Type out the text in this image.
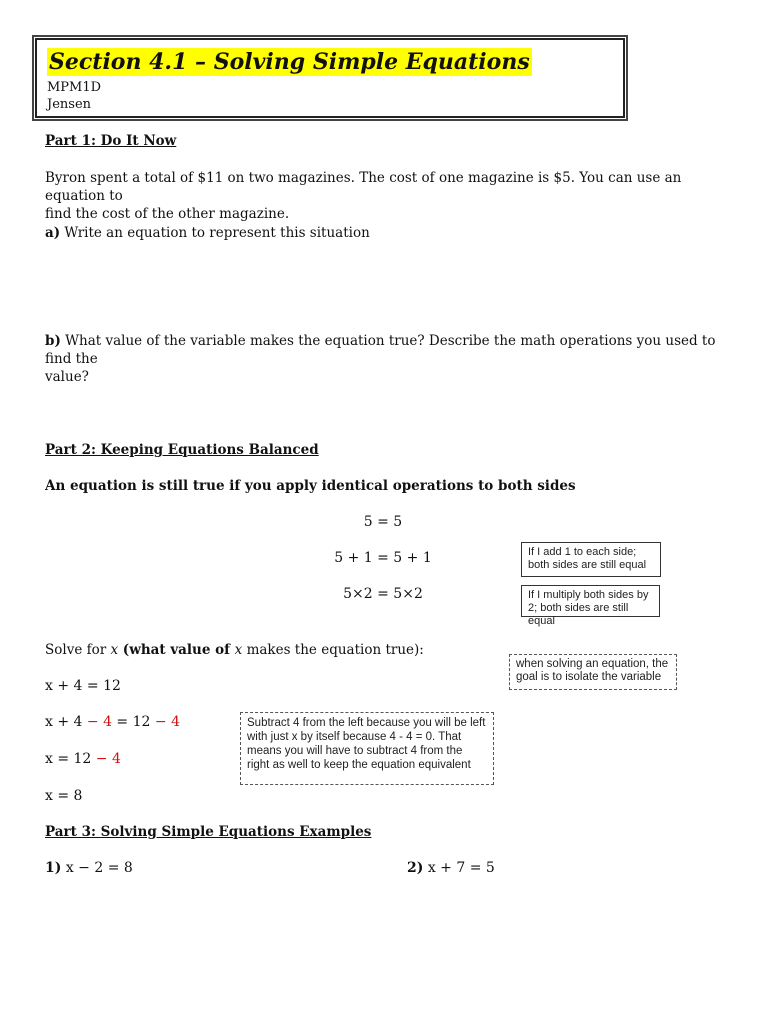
Section 4.1 – Solving Simple Equations
MPM1D
Jensen
Part 1: Do It Now
Byron spent a total of $11 on two magazines. The cost of one magazine is $5. You can use an equation to
find the cost of the other magazine.
a) Write an equation to represent this situation
b) What value of the variable makes the equation true? Describe the math operations you used to find the
value?
Part 2: Keeping Equations Balanced
An equation is still true if you apply identical operations to both sides
5 = 5
5 + 1 = 5 + 1
5×2 = 5×2
If I add 1 to each side; both sides are still equal
If I multiply both sides by 2; both sides are still equal
Solve for x (what value of x makes the equation true):
when solving an equation, the goal is to isolate the variable
x + 4 = 12
x + 4 − 4 = 12 − 4
x = 12 − 4
x = 8
Subtract 4 from the left because you will be left with just x by itself because 4 - 4 = 0. That means you will have to subtract 4 from the right as well to keep the equation equivalent
Part 3: Solving Simple Equations Examples
1) x − 2 = 8	2) x + 7 = 5
